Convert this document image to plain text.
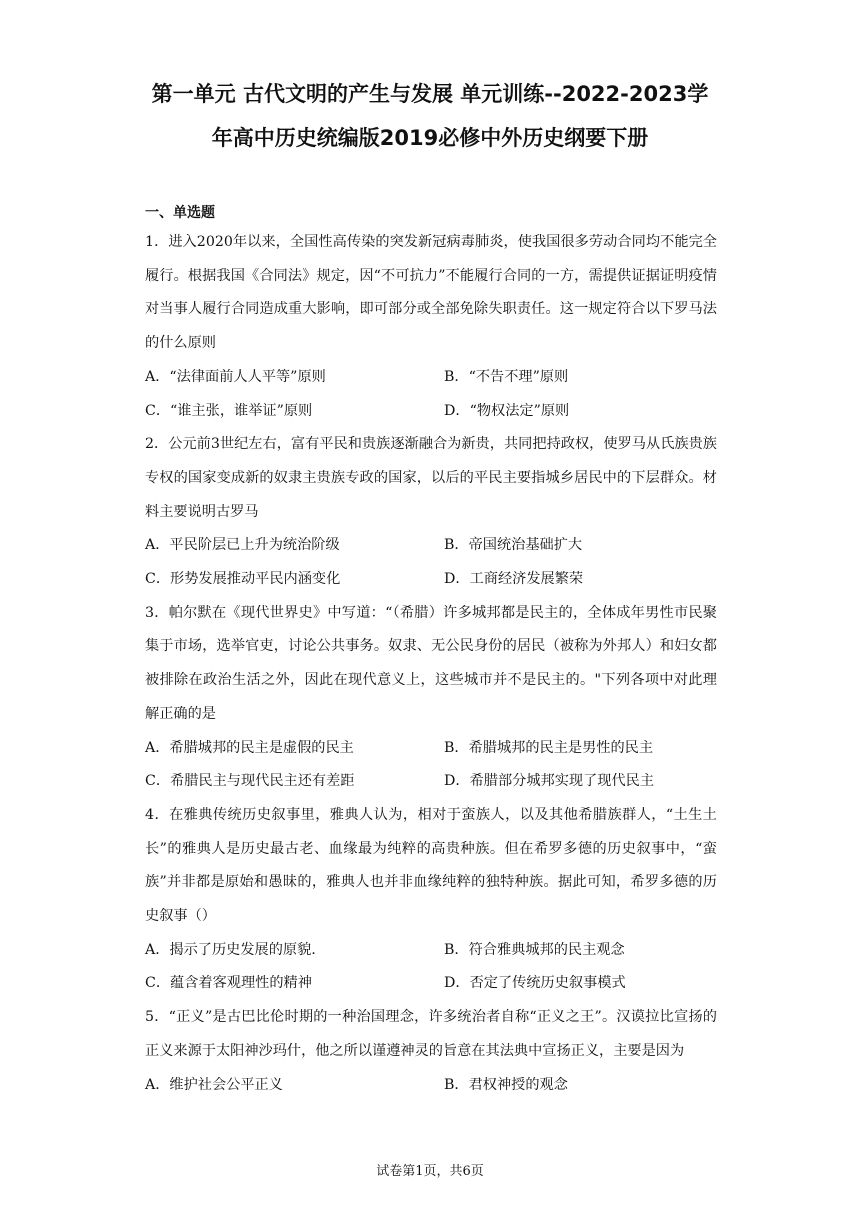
第一单元 古代文明的产生与发展 单元训练--2022-2023学
年高中历史统编版2019必修中外历史纲要下册
一、单选题

1．进入2020年以来，全国性高传染的突发新冠病毒肺炎，使我国很多劳动合同均不能完全履行。根据我国《合同法》规定，因“不可抗力”不能履行合同的一方，需提供证据证明疫情对当事人履行合同造成重大影响，即可部分或全部免除失职责任。这一规定符合以下罗马法的什么原则

A．“法律面前人人平等”原则	B．“不告不理”原则
C．“谁主张，谁举证”原则	D．“物权法定”原则

2．公元前3世纪左右，富有平民和贵族逐渐融合为新贵，共同把持政权，使罗马从氏族贵族专权的国家变成新的奴隶主贵族专政的国家，以后的平民主要指城乡居民中的下层群众。材料主要说明古罗马

A．平民阶层已上升为统治阶级	B．帝国统治基础扩大
C．形势发展推动平民内涵变化	D．工商经济发展繁荣

3．帕尔默在《现代世界史》中写道：“（希腊）许多城邦都是民主的，全体成年男性市民聚集于市场，选举官吏，讨论公共事务。奴隶、无公民身份的居民（被称为外邦人）和妇女都被排除在政治生活之外，因此在现代意义上，这些城市并不是民主的。"下列各项中对此理解正确的是

A．希腊城邦的民主是虚假的民主	B．希腊城邦的民主是男性的民主
C．希腊民主与现代民主还有差距	D．希腊部分城邦实现了现代民主

4．在雅典传统历史叙事里，雅典人认为，相对于蛮族人，以及其他希腊族群人，“土生土长”的雅典人是历史最古老、血缘最为纯粹的高贵种族。但在希罗多德的历史叙事中，“蛮族”并非都是原始和愚昧的，雅典人也并非血缘纯粹的独特种族。据此可知，希罗多德的历史叙事（）

A．揭示了历史发展的原貌.	B．符合雅典城邦的民主观念
C．蕴含着客观理性的精神	D．否定了传统历史叙事模式

5．“正义”是古巴比伦时期的一种治国理念，许多统治者自称“正义之王”。汉谟拉比宣扬的正义来源于太阳神沙玛什，他之所以谨遵神灵的旨意在其法典中宣扬正义，主要是因为

A．维护社会公平正义	B．君权神授的观念
试卷第1页，共6页
